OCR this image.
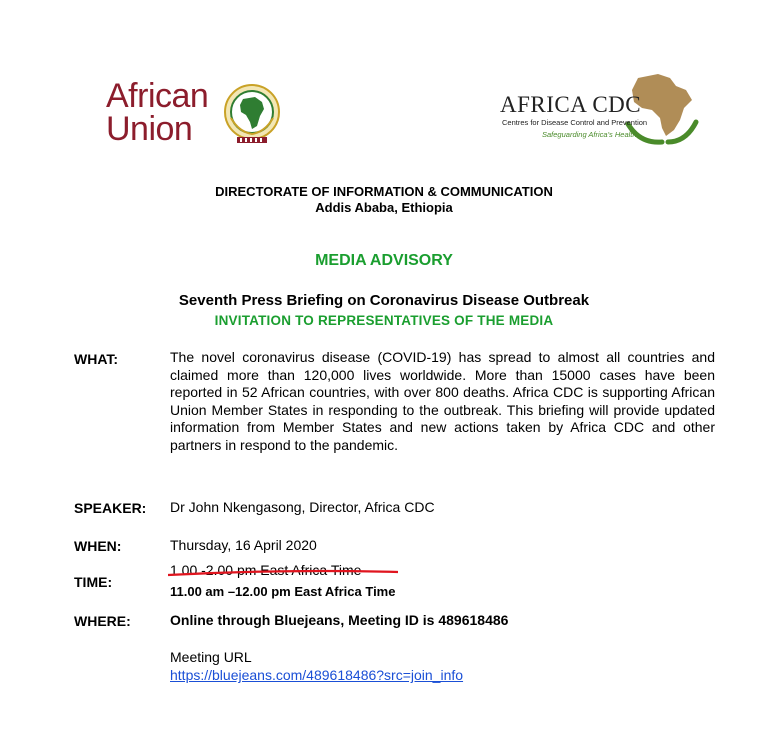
African
Union
AFRICA CDC
Centres for Disease Control and Prevention
Safeguarding Africa's Health
DIRECTORATE OF INFORMATION & COMMUNICATION
Addis Ababa, Ethiopia
MEDIA ADVISORY
Seventh Press Briefing on Coronavirus Disease Outbreak
INVITATION TO REPRESENTATIVES OF THE MEDIA
WHAT:	The novel coronavirus disease (COVID-19) has spread to almost all countries and claimed more than 120,000 lives worldwide. More than 15000 cases have been reported in 52 African countries, with over 800 deaths. Africa CDC is supporting African Union Member States in responding to the outbreak. This briefing will provide updated information from Member States and new actions taken by Africa CDC and other partners in respond to the pandemic.
SPEAKER: Dr John Nkengasong, Director, Africa CDC
WHEN:	Thursday, 16 April 2020
TIME:
1.00 -2.00 pm East Africa Time
11.00 am –12.00 pm East Africa Time
WHERE:	Online through Bluejeans, Meeting ID is 489618486
Meeting URL
https://bluejeans.com/489618486?src=join_info
